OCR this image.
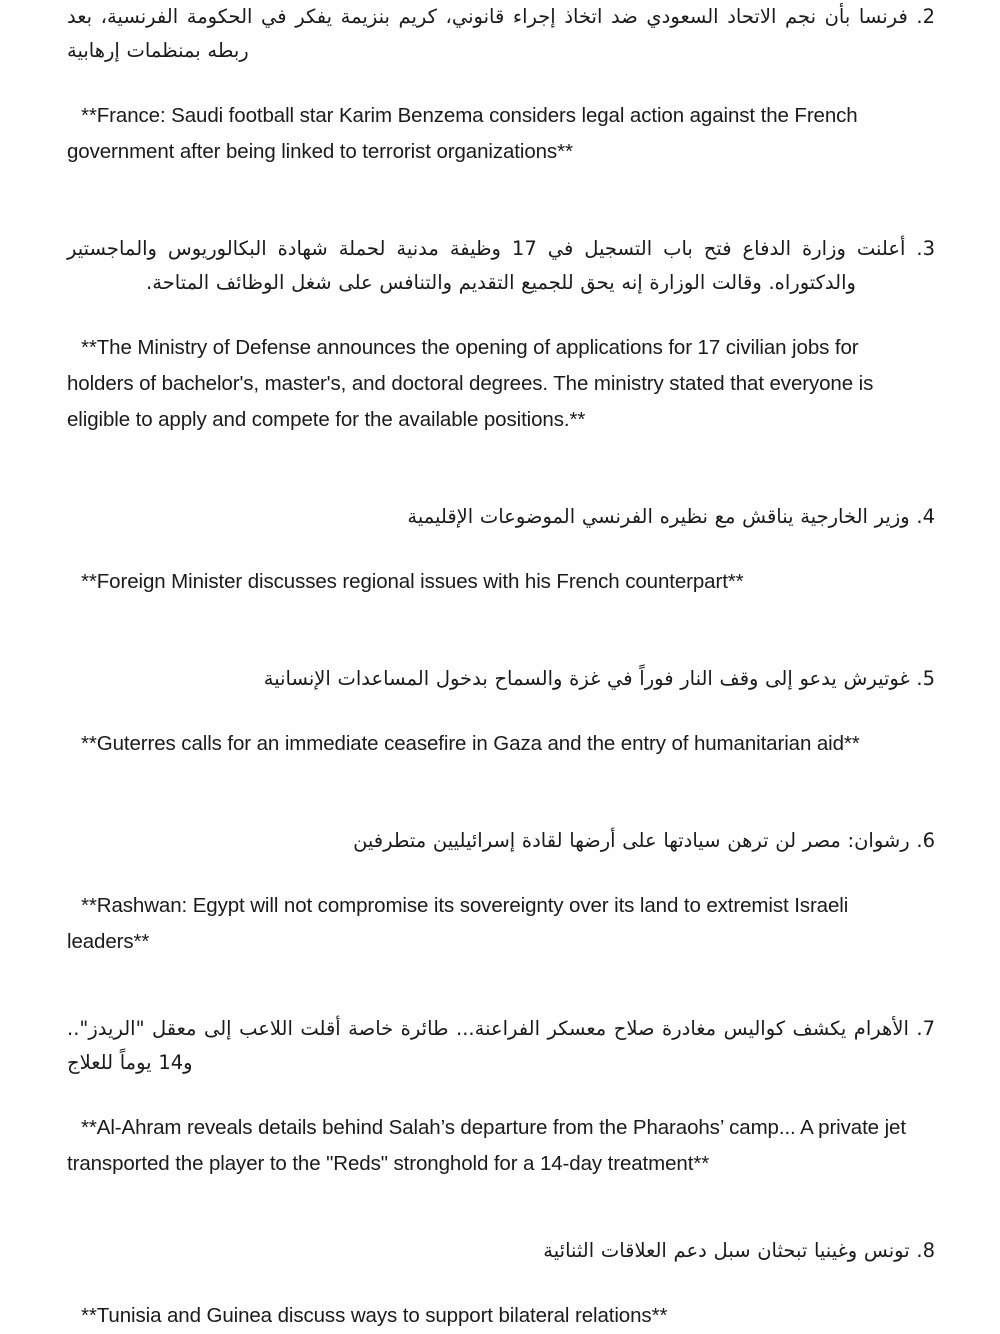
2. فرنسا بأن نجم الاتحاد السعودي ضد اتخاذ إجراء قانوني، كريم بنزيمة يفكر في الحكومة الفرنسية، بعد ربطه بمنظمات إرهابية

**France: Saudi football star Karim Benzema considers legal action against the French government after being linked to terrorist organizations**

3. أعلنت وزارة الدفاع فتح باب التسجيل في 17 وظيفة مدنية لحملة شهادة البكالوريوس والماجستير والدكتوراه. وقالت الوزارة إنه يحق للجميع التقديم والتنافس على شغل الوظائف المتاحة.

**The Ministry of Defense announces the opening of applications for 17 civilian jobs for holders of bachelor's, master's, and doctoral degrees. The ministry stated that everyone is eligible to apply and compete for the available positions.**

4. وزير الخارجية يناقش مع نظيره الفرنسي الموضوعات الإقليمية

**Foreign Minister discusses regional issues with his French counterpart**

5. غوتيرش يدعو إلى وقف النار فوراً في غزة والسماح بدخول المساعدات الإنسانية

**Guterres calls for an immediate ceasefire in Gaza and the entry of humanitarian aid**

6. رشوان: مصر لن ترهن سيادتها على أرضها لقادة إسرائيليين متطرفين

**Rashwan: Egypt will not compromise its sovereignty over its land to extremist Israeli leaders**

7. الأهرام يكشف كواليس مغادرة صلاح معسكر الفراعنة... طائرة خاصة أقلت اللاعب إلى معقل "الريدز".. و14 يوماً للعلاج

**Al-Ahram reveals details behind Salah’s departure from the Pharaohs’ camp... A private jet transported the player to the "Reds" stronghold for a 14-day treatment**

8. تونس وغينيا تبحثان سبل دعم العلاقات الثنائية

**Tunisia and Guinea discuss ways to support bilateral relations**
